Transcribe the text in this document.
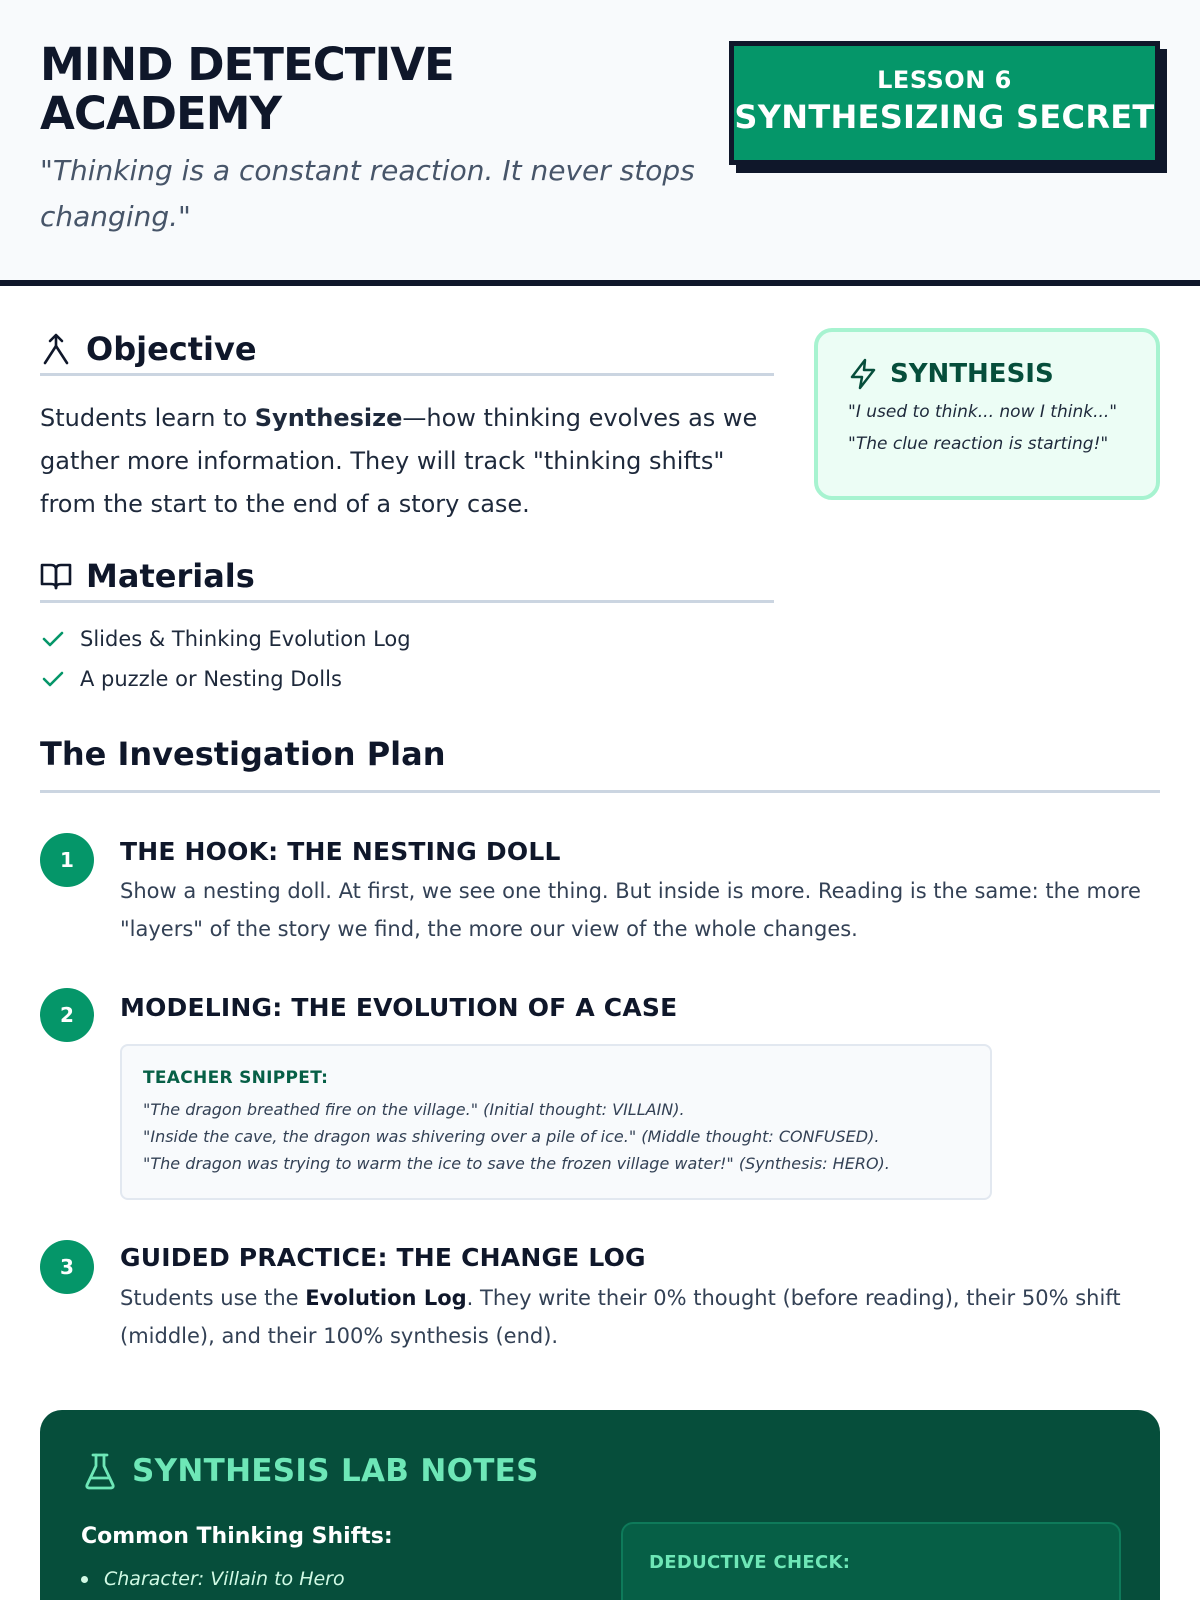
MIND DETECTIVE
ACADEMY

"Thinking is a constant reaction. It never stops changing."

LESSON 6
SYNTHESIZING SECRET
Objective

Students learn to Synthesize—how thinking evolves as we gather more information. They will track "thinking shifts" from the start to the end of a story case.

Materials
Slides & Thinking Evolution Log
A puzzle or Nesting Dolls
SYNTHESIS
"I used to think... now I think..."
"The clue reaction is starting!"
The Investigation Plan
1	THE HOOK: THE NESTING DOLL

Show a nesting doll. At first, we see one thing. But inside is more. Reading is the same: the more "layers" of the story we find, the more our view of the whole changes.

2	MODELING: THE EVOLUTION OF A CASE
TEACHER SNIPPET:
"The dragon breathed fire on the village." (Initial thought: VILLAIN).
"Inside the cave, the dragon was shivering over a pile of ice." (Middle thought: CONFUSED).
"The dragon was trying to warm the ice to save the frozen village water!" (Synthesis: HERO).
3	GUIDED PRACTICE: THE CHANGE LOG

Students use the Evolution Log. They write their 0% thought (before reading), their 50% shift (middle), and their 100% synthesis (end).

SYNTHESIS LAB NOTES
Common Thinking Shifts:
Character: Villain to Hero
DEDUCTIVE CHECK:
